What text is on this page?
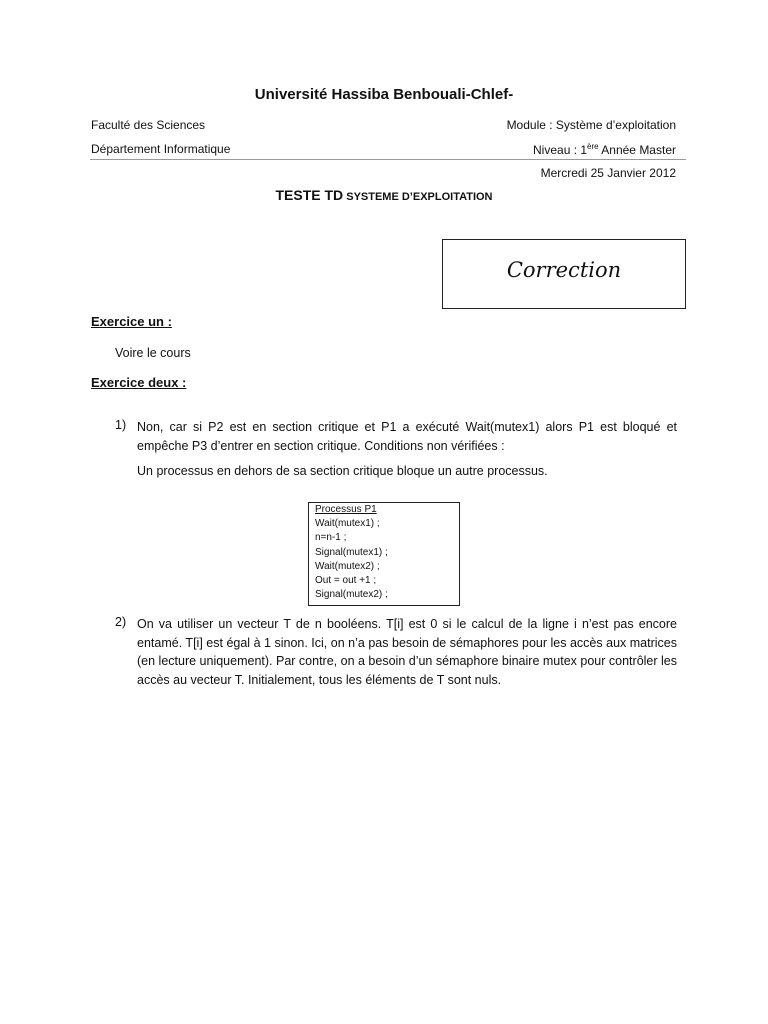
Université Hassiba Benbouali-Chlef-
Faculté des Sciences	Module : Système d’exploitation
Département Informatique	Niveau : 1ère Année Master
Mercredi 25 Janvier 2012
TESTE TD SYSTEME D’EXPLOITATION
Correction
Exercice un :
Voire le cours
Exercice deux :
1) Non, car si P2 est en section critique et P1 a exécuté Wait(mutex1) alors P1 est bloqué et empêche P3 d’entrer en section critique. Conditions non vérifiées :
Un processus en dehors de sa section critique bloque un autre processus.
Processus P1
Wait(mutex1) ;
n=n-1 ;
Signal(mutex1) ;
Wait(mutex2) ;
Out = out +1 ;
Signal(mutex2) ;
2) On va utiliser un vecteur T de n booléens. T[i] est 0 si le calcul de la ligne i n’est pas encore entamé. T[i] est égal à 1 sinon. Ici, on n’a pas besoin de sémaphores pour les accès aux matrices (en lecture uniquement). Par contre, on a besoin d’un sémaphore binaire mutex pour contrôler les accès au vecteur T. Initialement, tous les éléments de T sont nuls.
